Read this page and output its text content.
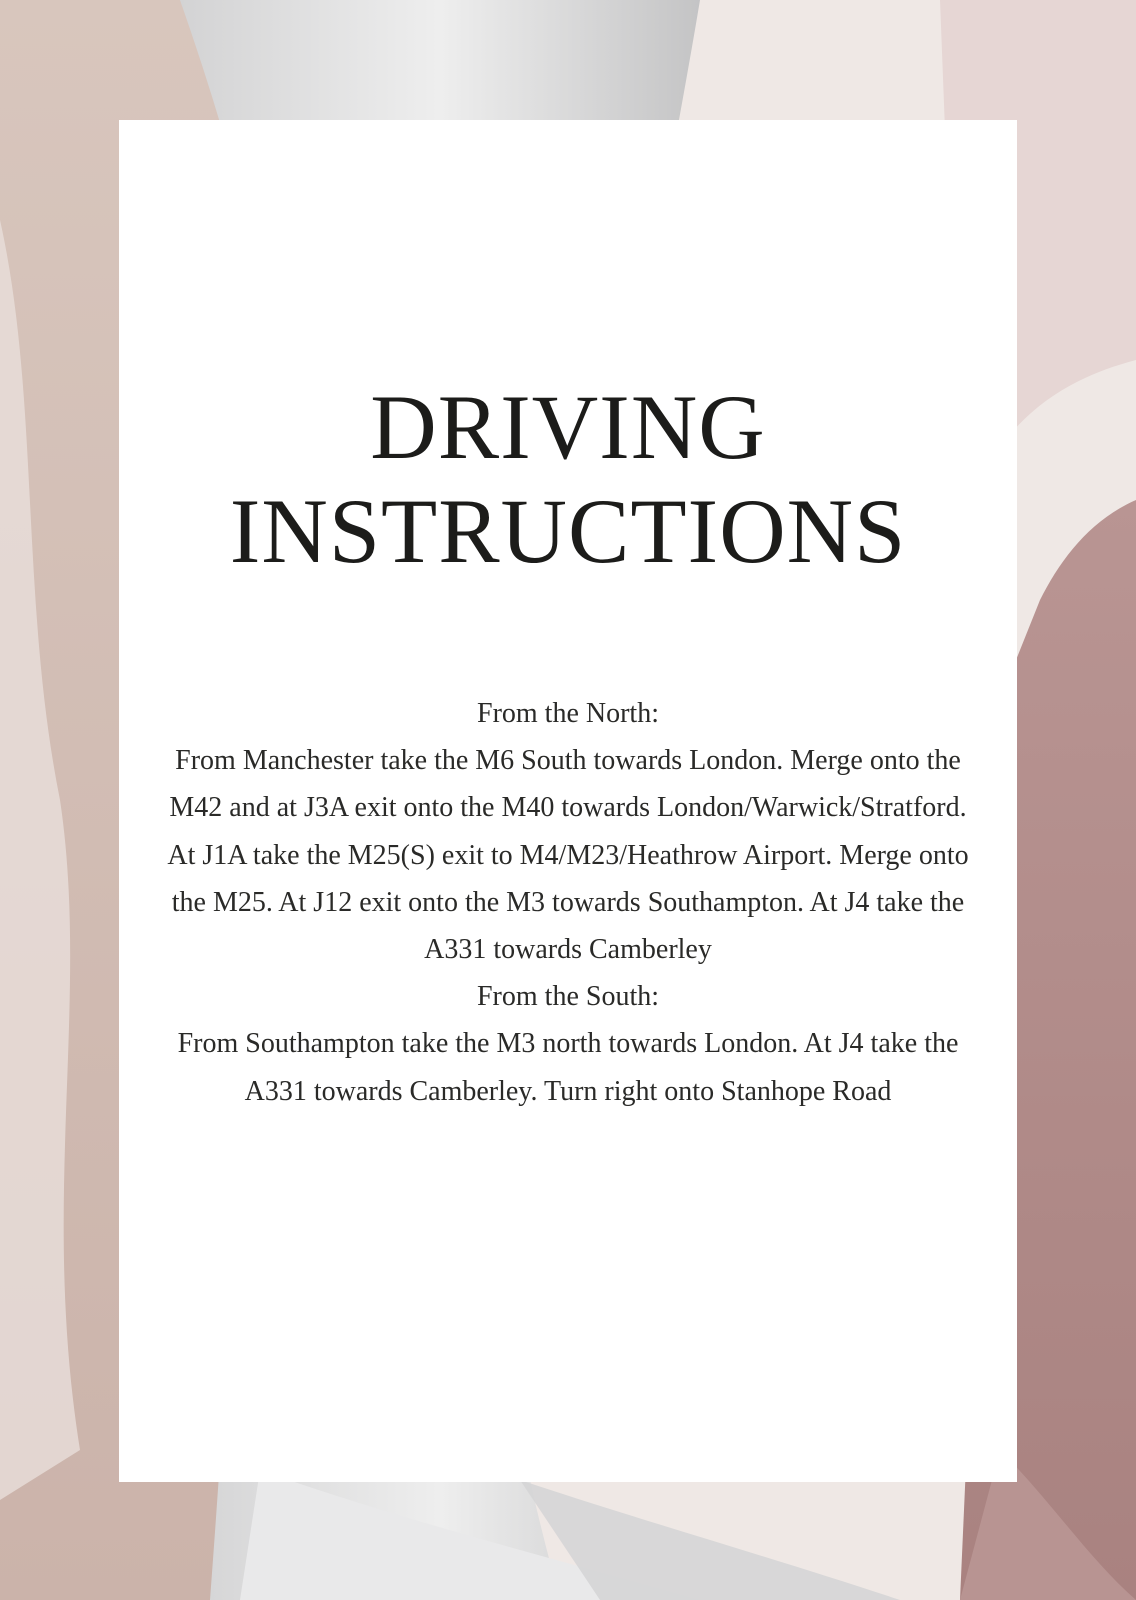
DRIVING
INSTRUCTIONS

From the North:

From Manchester take the M6 South towards London. Merge onto the M42 and at J3A exit onto the M40 towards London/Warwick/Stratford. At J1A take the M25(S) exit to M4/M23/Heathrow Airport. Merge onto the M25. At J12 exit onto the M3 towards Southampton. At J4 take the A331 towards Camberley

From the South:

From Southampton take the M3 north towards London. At J4 take the A331 towards Camberley. Turn right onto Stanhope Road
